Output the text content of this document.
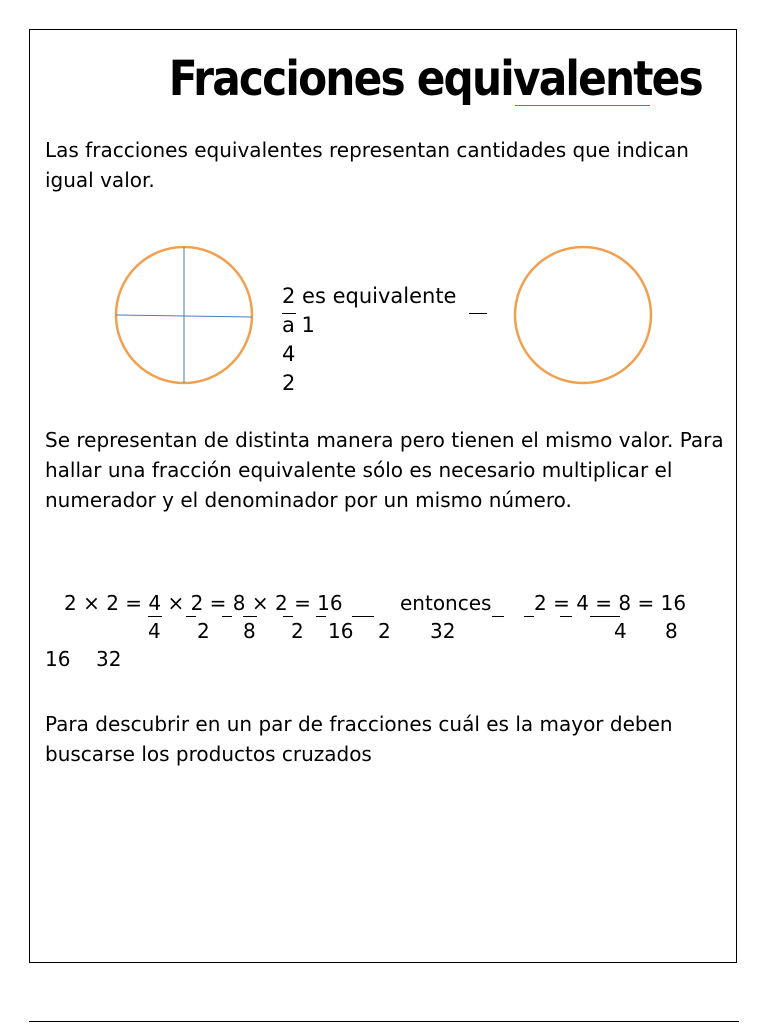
Fracciones equivalentes

Las fracciones equivalentes representan cantidades que indican igual valor.

2 es equivalente
a 1
4
2

Se representan de distinta manera pero tienen el mismo valor. Para hallar una fracción equivalente sólo es necesario multiplicar el numerador y el denominador por un mismo número.

2 × 2 = 4 × 2 = 8 × 2 = 16	entonces 2 = 4 = 8 = 16
4 2 8 2 16 2 32	4 8
16 32

Para descubrir en un par de fracciones cuál es la mayor deben buscarse los productos cruzados
